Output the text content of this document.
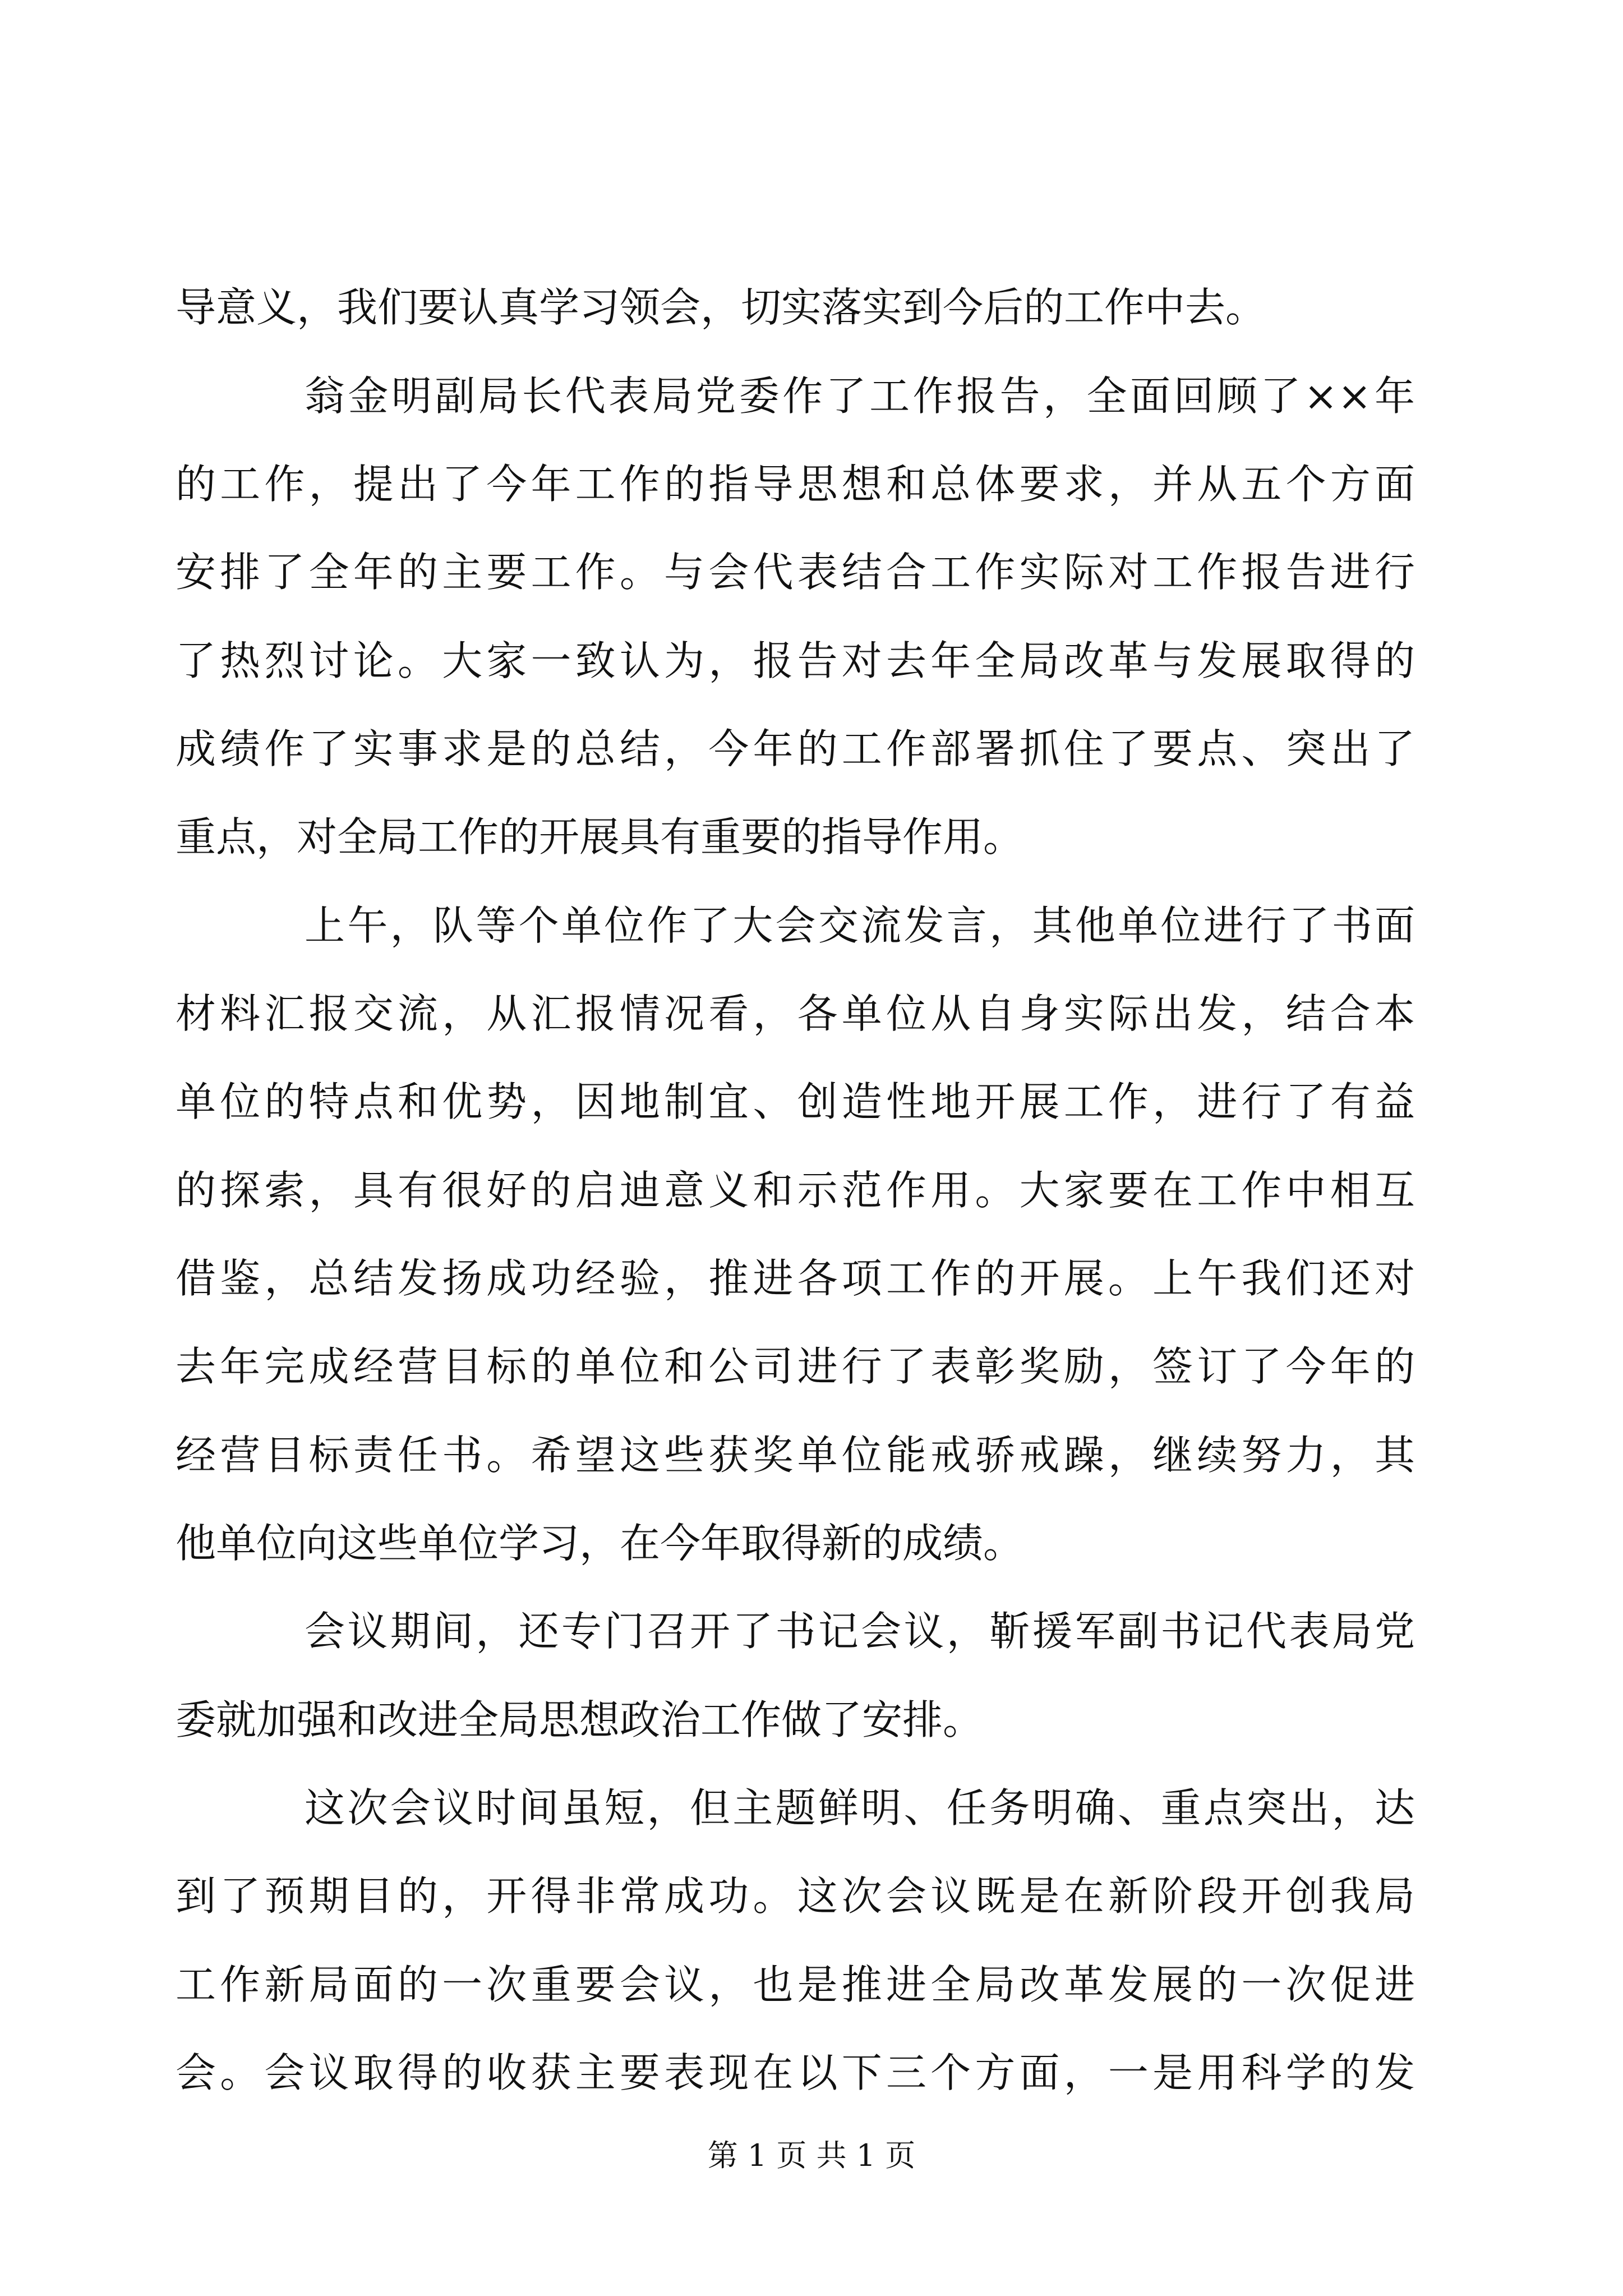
导意义，我们要认真学习领会，切实落实到今后的工作中去。
翁金明副局长代表局党委作了工作报告，全面回顾了××年
的工作，提出了今年工作的指导思想和总体要求，并从五个方面
安排了全年的主要工作。与会代表结合工作实际对工作报告进行
了热烈讨论。大家一致认为，报告对去年全局改革与发展取得的
成绩作了实事求是的总结，今年的工作部署抓住了要点、突出了
重点，对全局工作的开展具有重要的指导作用。
上午，队等个单位作了大会交流发言，其他单位进行了书面
材料汇报交流，从汇报情况看，各单位从自身实际出发，结合本
单位的特点和优势，因地制宜、创造性地开展工作，进行了有益
的探索，具有很好的启迪意义和示范作用。大家要在工作中相互
借鉴，总结发扬成功经验，推进各项工作的开展。上午我们还对
去年完成经营目标的单位和公司进行了表彰奖励，签订了今年的
经营目标责任书。希望这些获奖单位能戒骄戒躁，继续努力，其
他单位向这些单位学习，在今年取得新的成绩。
会议期间，还专门召开了书记会议，靳援军副书记代表局党
委就加强和改进全局思想政治工作做了安排。
这次会议时间虽短，但主题鲜明、任务明确、重点突出，达
到了预期目的，开得非常成功。这次会议既是在新阶段开创我局
工作新局面的一次重要会议，也是推进全局改革发展的一次促进
会。会议取得的收获主要表现在以下三个方面，一是用科学的发
第 1 页 共 1 页
